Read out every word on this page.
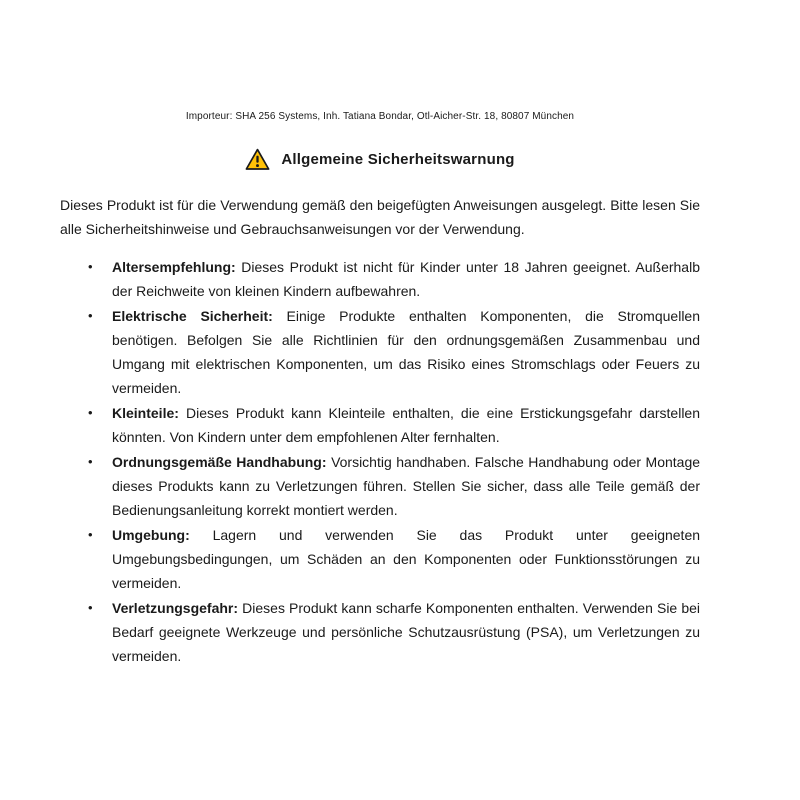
Importeur: SHA 256 Systems, Inh. Tatiana Bondar, Otl-Aicher-Str. 18, 80807 München
Allgemeine Sicherheitswarnung

Dieses Produkt ist für die Verwendung gemäß den beigefügten Anweisungen ausgelegt. Bitte lesen Sie alle Sicherheitshinweise und Gebrauchsanweisungen vor der Verwendung.

• Altersempfehlung: Dieses Produkt ist nicht für Kinder unter 18 Jahren geeignet. Außerhalb der Reichweite von kleinen Kindern aufbewahren.
• Elektrische Sicherheit: Einige Produkte enthalten Komponenten, die Stromquellen benötigen. Befolgen Sie alle Richtlinien für den ordnungsgemäßen Zusammenbau und Umgang mit elektrischen Komponenten, um das Risiko eines Stromschlags oder Feuers zu vermeiden.
• Kleinteile: Dieses Produkt kann Kleinteile enthalten, die eine Erstickungsgefahr darstellen könnten. Von Kindern unter dem empfohlenen Alter fernhalten.
• Ordnungsgemäße Handhabung: Vorsichtig handhaben. Falsche Handhabung oder Montage dieses Produkts kann zu Verletzungen führen. Stellen Sie sicher, dass alle Teile gemäß der Bedienungsanleitung korrekt montiert werden.
• Umgebung: Lagern und verwenden Sie das Produkt unter geeigneten Umgebungsbedingungen, um Schäden an den Komponenten oder Funktionsstörungen zu vermeiden.
• Verletzungsgefahr: Dieses Produkt kann scharfe Komponenten enthalten. Verwenden Sie bei Bedarf geeignete Werkzeuge und persönliche Schutzausrüstung (PSA), um Verletzungen zu vermeiden.
